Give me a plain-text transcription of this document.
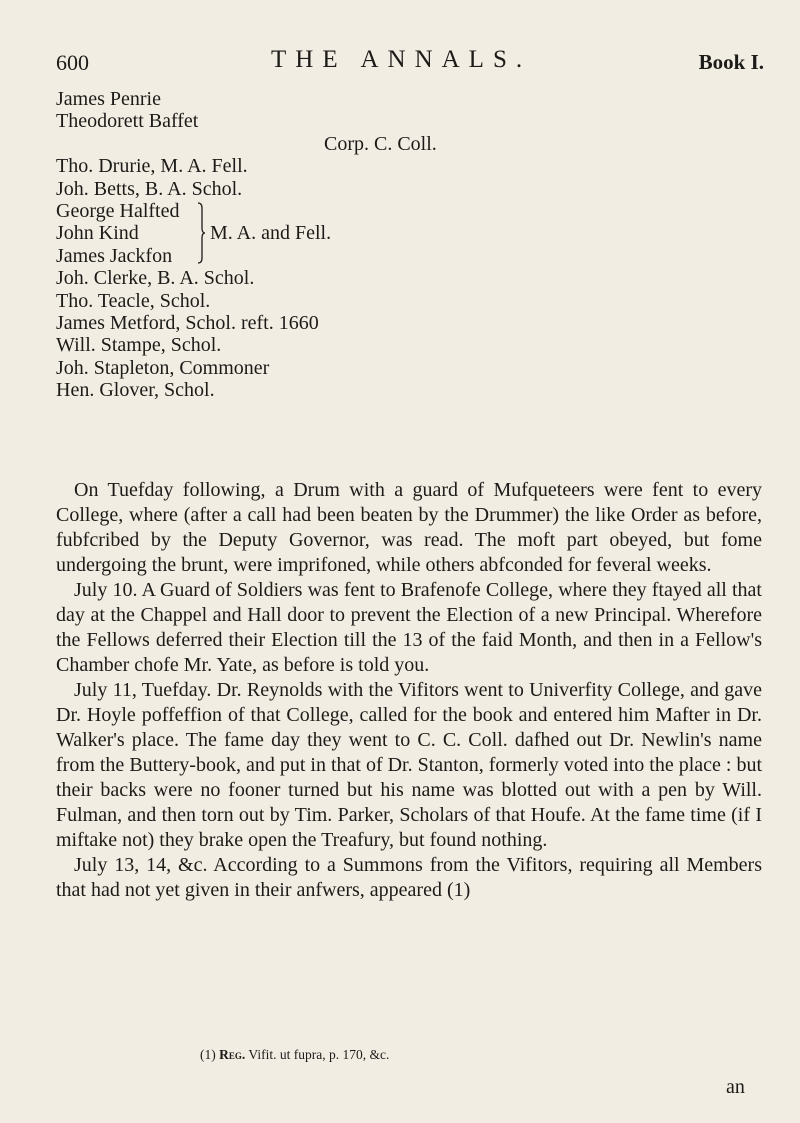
600	THE ANNALS.	Book I.
James Penrie
Theodorett Baffet
Corp. C. Coll.
Tho. Drurie, M. A. Fell.
Joh. Betts, B. A. Schol.
George Halfted
John Kind
James Jackfon
M. A. and Fell.
Joh. Clerke, B. A. Schol.
Tho. Teacle, Schol.
James Metford, Schol. reft. 1660
Will. Stampe, Schol.
Joh. Stapleton, Commoner
Hen. Glover, Schol.

On Tuefday following, a Drum with a guard of Mufqueteers were fent to every College, where (after a call had been beaten by the Drummer) the like Order as before, fubfcribed by the Deputy Governor, was read. The moft part obeyed, but fome undergoing the brunt, were imprifoned, while others abfconded for feveral weeks.

July 10. A Guard of Soldiers was fent to Brafenofe College, where they ftayed all that day at the Chappel and Hall door to prevent the Election of a new Principal. Wherefore the Fellows deferred their Election till the 13 of the faid Month, and then in a Fellow's Chamber chofe Mr. Yate, as before is told you.

July 11, Tuefday. Dr. Reynolds with the Vifitors went to Univerfity College, and gave Dr. Hoyle poffeffion of that College, called for the book and entered him Mafter in Dr. Walker's place. The fame day they went to C. C. Coll. dafhed out Dr. Newlin's name from the Buttery-book, and put in that of Dr. Stanton, formerly voted into the place : but their backs were no fooner turned but his name was blotted out with a pen by Will. Fulman, and then torn out by Tim. Parker, Scholars of that Houfe. At the fame time (if I miftake not) they brake open the Treafury, but found nothing.

July 13, 14, &c. According to a Summons from the Vifitors, requiring all Members that had not yet given in their anfwers, appeared (1)

(1) Reg. Vifit. ut fupra, p. 170, &c.
an
